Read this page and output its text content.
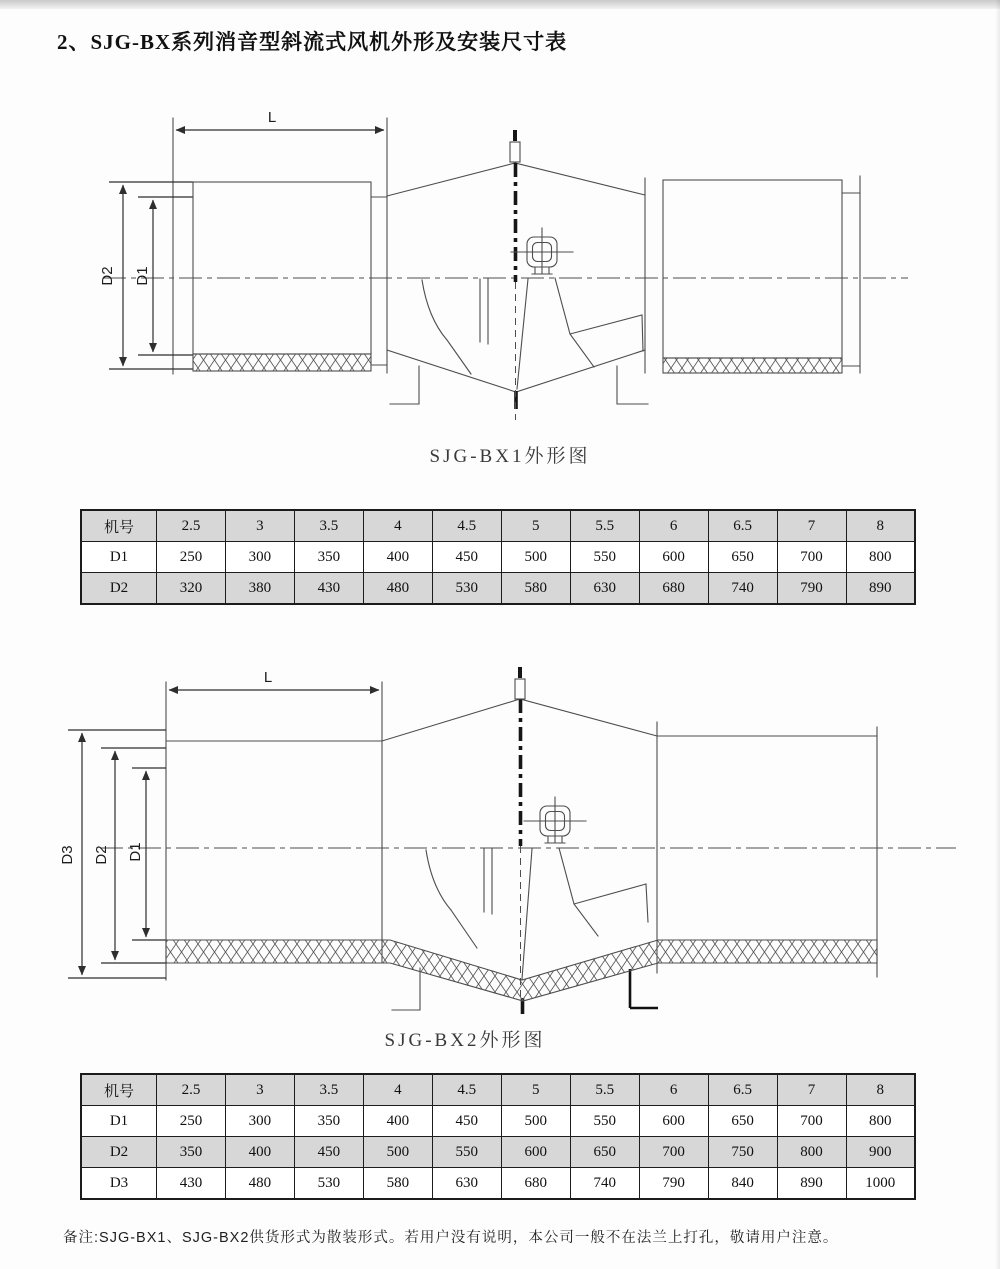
2、SJG-BX系列消音型斜流式风机外形及安装尺寸表
L
D2 D1
L
D3 D2 D1
SJG-BX1外形图
机号	2.5	3	3.5	4	4.5	5	5.5	6	6.5	7	8
D1	250	300	350	400	450	500	550	600	650	700	800
D2	320	380	430	480	530	580	630	680	740	790	890
SJG-BX2外形图
机号	2.5	3	3.5	4	4.5	5	5.5	6	6.5	7	8
D1	250	300	350	400	450	500	550	600	650	700	800
D2	350	400	450	500	550	600	650	700	750	800	900
D3	430	480	530	580	630	680	740	790	840	890	1000
备注:SJG-BX1、SJG-BX2供货形式为散装形式。若用户没有说明，本公司一般不在法兰上打孔，敬请用户注意。
